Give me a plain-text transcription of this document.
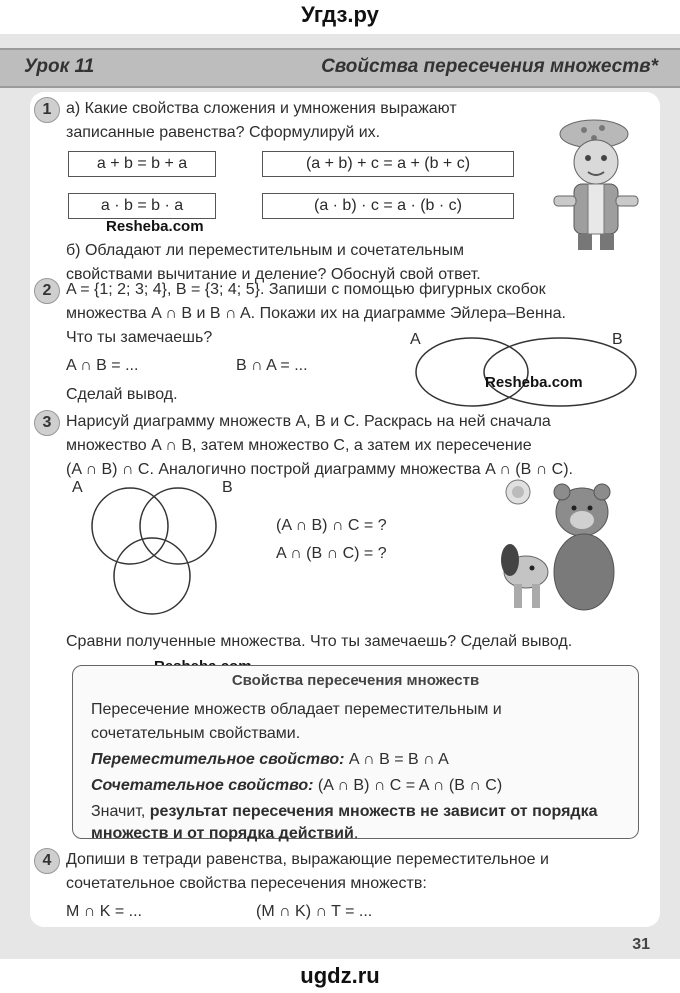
Угдз.ру
Урок 11	Свойства пересечения множеств*
1 а) Какие свойства сложения и умножения выражают
записанные равенства? Сформулируй их.
a + b = b + a	(a + b) + c = a + (b + c)
a · b = b · a	(a · b) · c = a · (b · c)
Resheba.com
б) Обладают ли переместительным и сочетательным
свойствами вычитание и деление? Обоснуй свой ответ.
2 A = {1; 2; 3; 4}, B = {3; 4; 5}. Запиши с помощью фигурных скобок
множества A ∩ B и B ∩ A. Покажи их на диаграмме Эйлера–Венна.
Что ты замечаешь?
A ∩ B = ...	B ∩ A = ...
Сделай вывод.
A	B
Resheba.com
3 Нарисуй диаграмму множеств A, B и C. Раскрась на ней сначала
множество A ∩ B, затем множество C, а затем их пересечение
(A ∩ B) ∩ C. Аналогично построй диаграмму множества A ∩ (B ∩ C).
A	B
(A ∩ B) ∩ C = ?
A ∩ (B ∩ C) = ?
Сравни полученные множества. Что ты замечаешь? Сделай вывод.
Свойства пересечения множеств
Пересечение множеств обладает переместительным и
сочетательным свойствами.
Переместительное свойство: A ∩ B = B ∩ A
Сочетательное свойство: (A ∩ B) ∩ C = A ∩ (B ∩ C)
Значит, результат пересечения множеств не зависит от порядка
множеств и от порядка действий.
4 Допиши в тетради равенства, выражающие переместительное и
сочетательное свойства пересечения множеств:
M ∩ K = ...	(M ∩ K) ∩ T = ...
31
ugdz.ru
